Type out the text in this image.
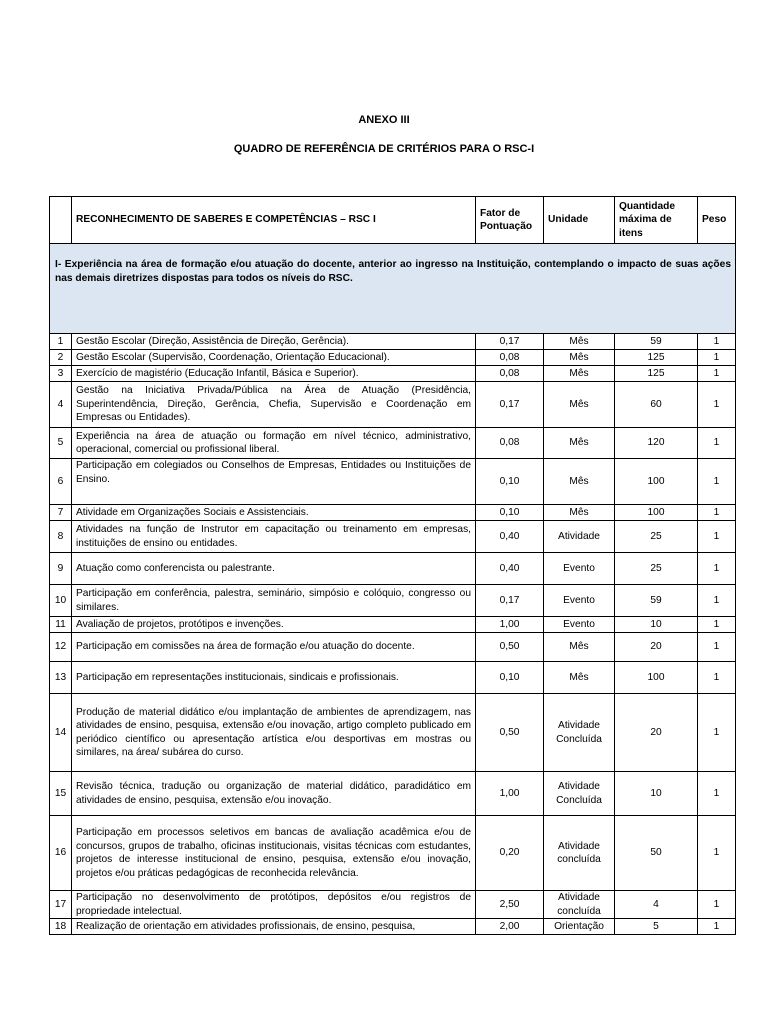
ANEXO III
QUADRO DE REFERÊNCIA DE CRITÉRIOS PARA O RSC-I
	RECONHECIMENTO DE SABERES E COMPETÊNCIAS – RSC I	Fator de Pontuação	Unidade	Quantidade máxima de itens	Peso
I- Experiência na área de formação e/ou atuação do docente, anterior ao ingresso na Instituição, contemplando o impacto de suas ações nas demais diretrizes dispostas para todos os níveis do RSC.					
1	Gestão Escolar (Direção, Assistência de Direção, Gerência).	0,17	Mês	59	1
2	Gestão Escolar (Supervisão, Coordenação, Orientação Educacional).	0,08	Mês	125	1
3	Exercício de magistério (Educação Infantil, Básica e Superior).	0,08	Mês	125	1
4	Gestão na Iniciativa Privada/Pública na Área de Atuação (Presidência, Superintendência, Direção, Gerência, Chefia, Supervisão e Coordenação em Empresas ou Entidades).	0,17	Mês	60	1
5	Experiência na área de atuação ou formação em nível técnico, administrativo, operacional, comercial ou profissional liberal.	0,08	Mês	120	1
6	Participação em colegiados ou Conselhos de Empresas, Entidades ou Instituições de Ensino.	0,10	Mês	100	1
7	Atividade em Organizações Sociais e Assistenciais.	0,10	Mês	100	1
8	Atividades na função de Instrutor em capacitação ou treinamento em empresas, instituições de ensino ou entidades.	0,40	Atividade	25	1
9	Atuação como conferencista ou palestrante.	0,40	Evento	25	1
10	Participação em conferência, palestra, seminário, simpósio e colóquio, congresso ou similares.	0,17	Evento	59	1
11	Avaliação de projetos, protótipos e invenções.	1,00	Evento	10	1
12	Participação em comissões na área de formação e/ou atuação do docente.	0,50	Mês	20	1
13	Participação em representações institucionais, sindicais e profissionais.	0,10	Mês	100	1
14	Produção de material didático e/ou implantação de ambientes de aprendizagem, nas atividades de ensino, pesquisa, extensão e/ou inovação, artigo completo publicado em periódico científico ou apresentação artística e/ou desportivas em mostras ou similares, na área/ subárea do curso.	0,50	Atividade Concluída	20	1
15	Revisão técnica, tradução ou organização de material didático, paradidático em atividades de ensino, pesquisa, extensão e/ou inovação.	1,00	Atividade Concluída	10	1
16	Participação em processos seletivos em bancas de avaliação acadêmica e/ou de concursos, grupos de trabalho, oficinas institucionais, visitas técnicas com estudantes, projetos de interesse institucional de ensino, pesquisa, extensão e/ou inovação, projetos e/ou práticas pedagógicas de reconhecida relevância.	0,20	Atividade concluída	50	1
17	Participação no desenvolvimento de protótipos, depósitos e/ou registros de propriedade intelectual.	2,50	Atividade concluída	4	1
18	Realização de orientação em atividades profissionais, de ensino, pesquisa,	2,00	Orientação	5	1
